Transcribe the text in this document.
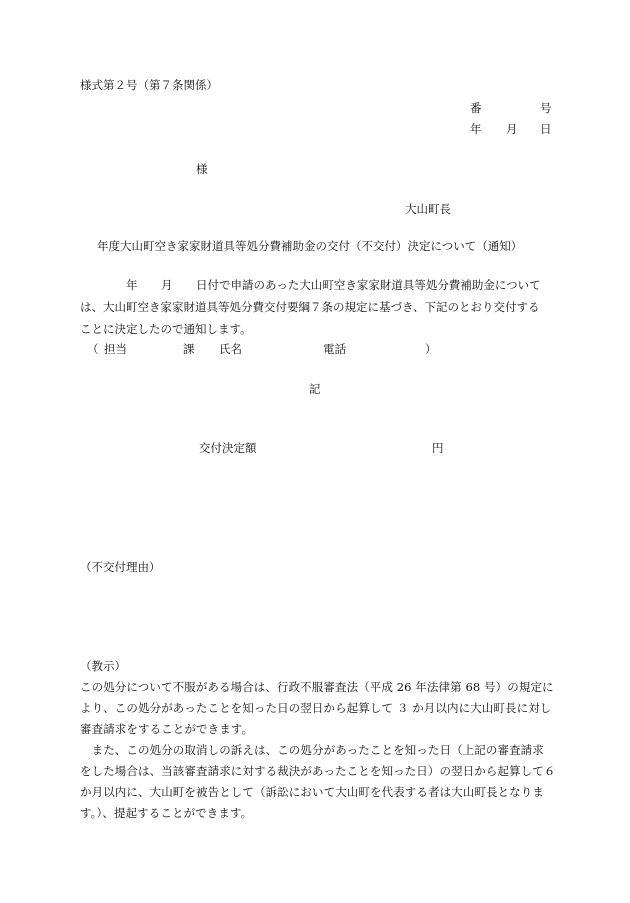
様式第２号（第７条関係）
番	号
年 月 日
様
大山町長
年度大山町空き家家財道具等処分費補助金の交付（不交付）決定について（通知）
年 月 日付で申請のあった大山町空き家家財道具等処分費補助金について
は、大山町空き家家財道具等処分費交付要綱７条の規定に基づき、下記のとおり交付する
ことに決定したので通知します。
（ 担当	課 氏名	電話	）
記
交付決定額	円
（不交付理由）
（教示）
この処分について不服がある場合は、行政不服審査法（平成 26 年法律第 68 号）の規定に
より、この処分があったことを知った日の翌日から起算して ３ か月以内に大山町長に対し
審査請求をすることができます。
　また、この処分の取消しの訴えは、この処分があったことを知った日（上記の審査請求
をした場合は、当該審査請求に対する裁決があったことを知った日）の翌日から起算して６
か月以内に、大山町を被告として（訴訟において大山町を代表する者は大山町長となりま
す。）、提起することができます。
